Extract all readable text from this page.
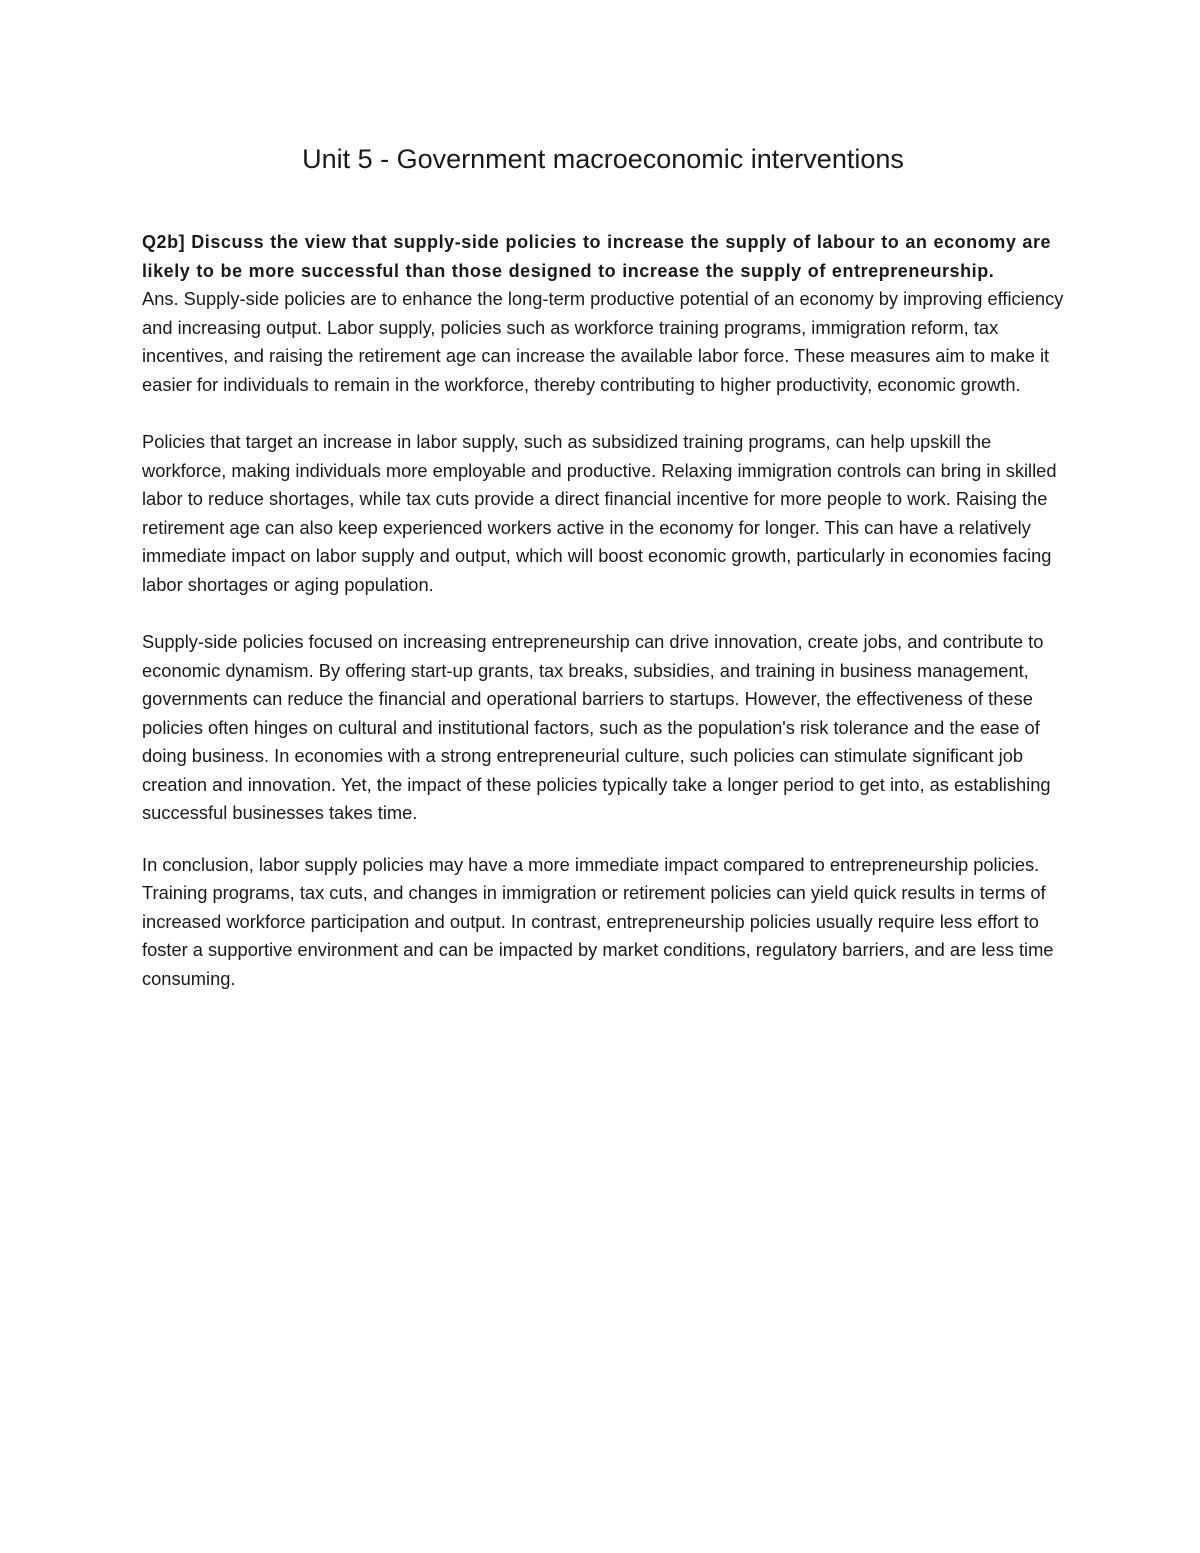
Unit 5 - Government macroeconomic interventions

Q2b] Discuss the view that supply-side policies to increase the supply of labour to an economy are likely to be more successful than those designed to increase the supply of entrepreneurship.

Ans. Supply-side policies are to enhance the long-term productive potential of an economy by improving efficiency and increasing output. Labor supply, policies such as workforce training programs, immigration reform, tax incentives, and raising the retirement age can increase the available labor force. These measures aim to make it easier for individuals to remain in the workforce, thereby contributing to higher productivity, economic growth.

Policies that target an increase in labor supply, such as subsidized training programs, can help upskill the workforce, making individuals more employable and productive. Relaxing immigration controls can bring in skilled labor to reduce shortages, while tax cuts provide a direct financial incentive for more people to work. Raising the retirement age can also keep experienced workers active in the economy for longer. This can have a relatively immediate impact on labor supply and output, which will boost economic growth, particularly in economies facing labor shortages or aging population.

Supply-side policies focused on increasing entrepreneurship can drive innovation, create jobs, and contribute to economic dynamism. By offering start-up grants, tax breaks, subsidies, and training in business management, governments can reduce the financial and operational barriers to startups. However, the effectiveness of these policies often hinges on cultural and institutional factors, such as the population's risk tolerance and the ease of doing business. In economies with a strong entrepreneurial culture, such policies can stimulate significant job creation and innovation. Yet, the impact of these policies typically take a longer period to get into, as establishing successful businesses takes time.

In conclusion, labor supply policies may have a more immediate impact compared to entrepreneurship policies. Training programs, tax cuts, and changes in immigration or retirement policies can yield quick results in terms of increased workforce participation and output. In contrast, entrepreneurship policies usually require less effort to foster a supportive environment and can be impacted by market conditions, regulatory barriers, and are less time consuming.
